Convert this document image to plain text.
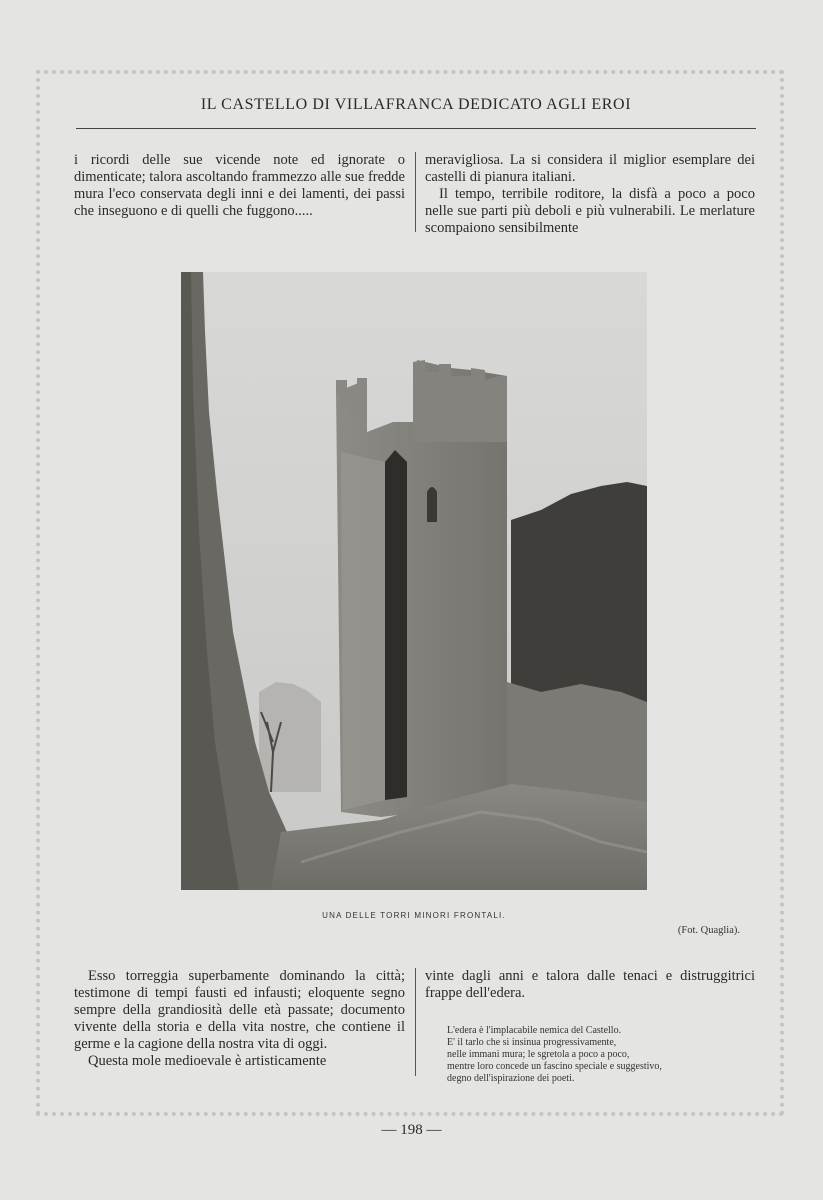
IL CASTELLO DI VILLAFRANCA DEDICATO AGLI EROI

i ricordi delle sue vicende note ed ignorate o dimenticate; talora ascoltando frammezzo alle sue fredde mura l'eco conservata degli inni e dei lamenti, dei passi che inseguono e di quelli che fuggono.....

meravigliosa. La si considera il miglior esemplare dei castelli di pianura italiani.

Il tempo, terribile roditore, la disfà a poco a poco nelle sue parti più deboli e più vulnerabili. Le merlature scompaiono sensibilmente

UNA DELLE TORRI MINORI FRONTALI.
(Fot. Quaglia).

Esso torreggia superbamente dominando la città; testimone di tempi fausti ed infausti; eloquente segno sempre della grandiosità delle età passate; documento vivente della storia e della vita nostre, che contiene il germe e la cagione della nostra vita di oggi.

Questa mole medioevale è artisticamente

vinte dagli anni e talora dalle tenaci e distruggitrici frappe dell'edera.

L'edera è l'implacabile nemica del Castello.
E' il tarlo che si insinua progressivamente,
nelle immani mura; le sgretola a poco a poco,
mentre loro concede un fascino speciale e suggestivo,
degno dell'ispirazione dei poeti.
— 198 —
